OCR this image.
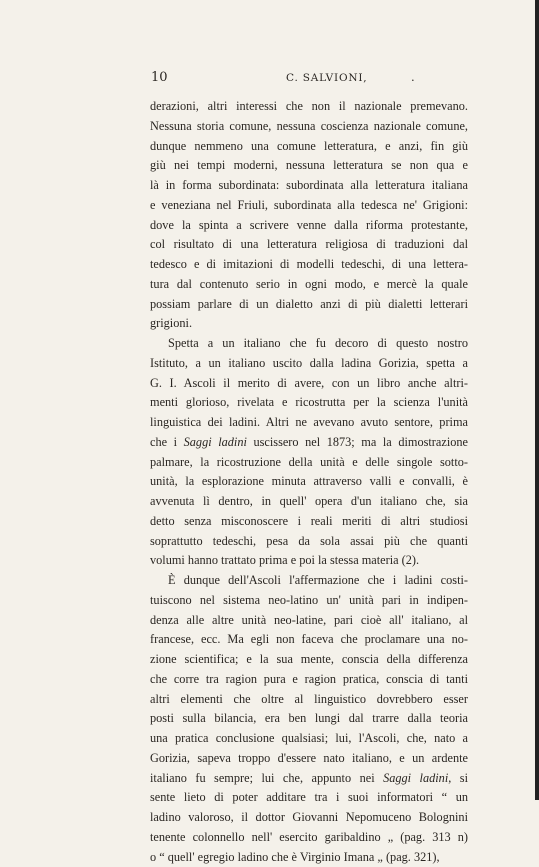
10	C. SALVIONI,	.
derazioni, altri interessi che non il nazionale premevano.
Nessuna storia comune, nessuna coscienza nazionale comune,
dunque nemmeno una comune letteratura, e anzi, fin giù
giù nei tempi moderni, nessuna letteratura se non qua e
là in forma subordinata: subordinata alla letteratura italiana
e veneziana nel Friuli, subordinata alla tedesca ne' Grigioni:
dove la spinta a scrivere venne dalla riforma protestante,
col risultato di una letteratura religiosa di traduzioni dal
tedesco e di imitazioni di modelli tedeschi, di una lettera-
tura dal contenuto serio in ogni modo, e mercè la quale
possiam parlare di un dialetto anzi di più dialetti letterari
grigioni.
Spetta a un italiano che fu decoro di questo nostro
Istituto, a un italiano uscito dalla ladina Gorizia, spetta a
G. I. Ascoli il merito di avere, con un libro anche altri-
menti glorioso, rivelata e ricostrutta per la scienza l'unità
linguistica dei ladini. Altri ne avevano avuto sentore, prima
che i Saggi ladini uscissero nel 1873; ma la dimostrazione
palmare, la ricostruzione della unità e delle singole sotto-
unità, la esplorazione minuta attraverso valli e convalli, è
avvenuta lì dentro, in quell' opera d'un italiano che, sia
detto senza misconoscere i reali meriti di altri studiosi
soprattutto tedeschi, pesa da sola assai più che quanti
volumi hanno trattato prima e poi la stessa materia (2).
È dunque dell'Ascoli l'affermazione che i ladini costi-
tuiscono nel sistema neo-latino un' unità pari in indipen-
denza alle altre unità neo-latine, pari cioè all' italiano, al
francese, ecc. Ma egli non faceva che proclamare una no-
zione scientifica; e la sua mente, conscia della differenza
che corre tra ragion pura e ragion pratica, conscia di tanti
altri elementi che oltre al linguistico dovrebbero esser
posti sulla bilancia, era ben lungi dal trarre dalla teoria
una pratica conclusione qualsiasi; lui, l'Ascoli, che, nato a
Gorizia, sapeva troppo d'essere nato italiano, e un ardente
italiano fu sempre; lui che, appunto nei Saggi ladini, si
sente lieto di poter additare tra i suoi informatori “ un
ladino valoroso, il dottor Giovanni Nepomuceno Bolognini
tenente colonnello nell' esercito garibaldino „ (pag. 313 n)
o “ quell' egregio ladino che è Virginio Imana „ (pag. 321),
